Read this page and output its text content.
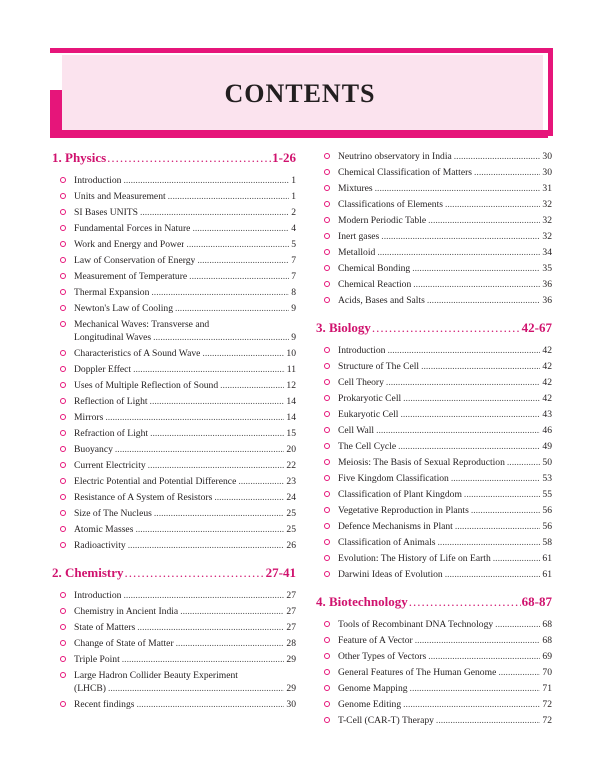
CONTENTS
1. Physics .....	1-26
Introduction .....	1
Units and Measurement .....	1
SI Bases UNITS .....	2
Fundamental Forces in Nature .....	4
Work and Energy and Power .....	5
Law of Conservation of Energy .....	7
Measurement of Temperature .....	7
Thermal Expansion .....	8
Newton's Law of Cooling .....	9
Mechanical Waves: Transverse and
Longitudinal Waves .....	9
Characteristics of A Sound Wave .....	10
Doppler Effect .....	11
Uses of Multiple Reflection of Sound .....	12
Reflection of Light .....	14
Mirrors .....	14
Refraction of Light .....	15
Buoyancy .....	20
Current Electricity .....	22
Electric Potential and Potential Difference .....	23
Resistance of A System of Resistors .....	24
Size of The Nucleus .....	25
Atomic Masses .....	25
Radioactivity .....	26
2. Chemistry .....	27-41
Introduction .....	27
Chemistry in Ancient India .....	27
State of Matters .....	27
Change of State of Matter .....	28
Triple Point .....	29
Large Hadron Collider Beauty Experiment
(LHCB) .....	29
Recent findings .....	30
Neutrino observatory in India .....	30
Chemical Classification of Matters .....	30
Mixtures .....	31
Classifications of Elements .....	32
Modern Periodic Table .....	32
Inert gases .....	32
Metalloid .....	34
Chemical Bonding .....	35
Chemical Reaction .....	36
Acids, Bases and Salts .....	36
3. Biology .....	42-67
Introduction .....	42
Structure of The Cell .....	42
Cell Theory .....	42
Prokaryotic Cell .....	42
Eukaryotic Cell .....	43
Cell Wall .....	46
The Cell Cycle .....	49
Meiosis: The Basis of Sexual Reproduction .....	50
Five Kingdom Classification .....	53
Classification of Plant Kingdom .....	55
Vegetative Reproduction in Plants .....	56
Defence Mechanisms in Plant .....	56
Classification of Animals .....	58
Evolution: The History of Life on Earth .....	61
Darwini Ideas of Evolution .....	61
4. Biotechnology .....	68-87
Tools of Recombinant DNA Technology .....	68
Feature of A Vector .....	68
Other Types of Vectors .....	69
General Features of The Human Genome .....	70
Genome Mapping .....	71
Genome Editing .....	72
T-Cell (CAR-T) Therapy .....	72
